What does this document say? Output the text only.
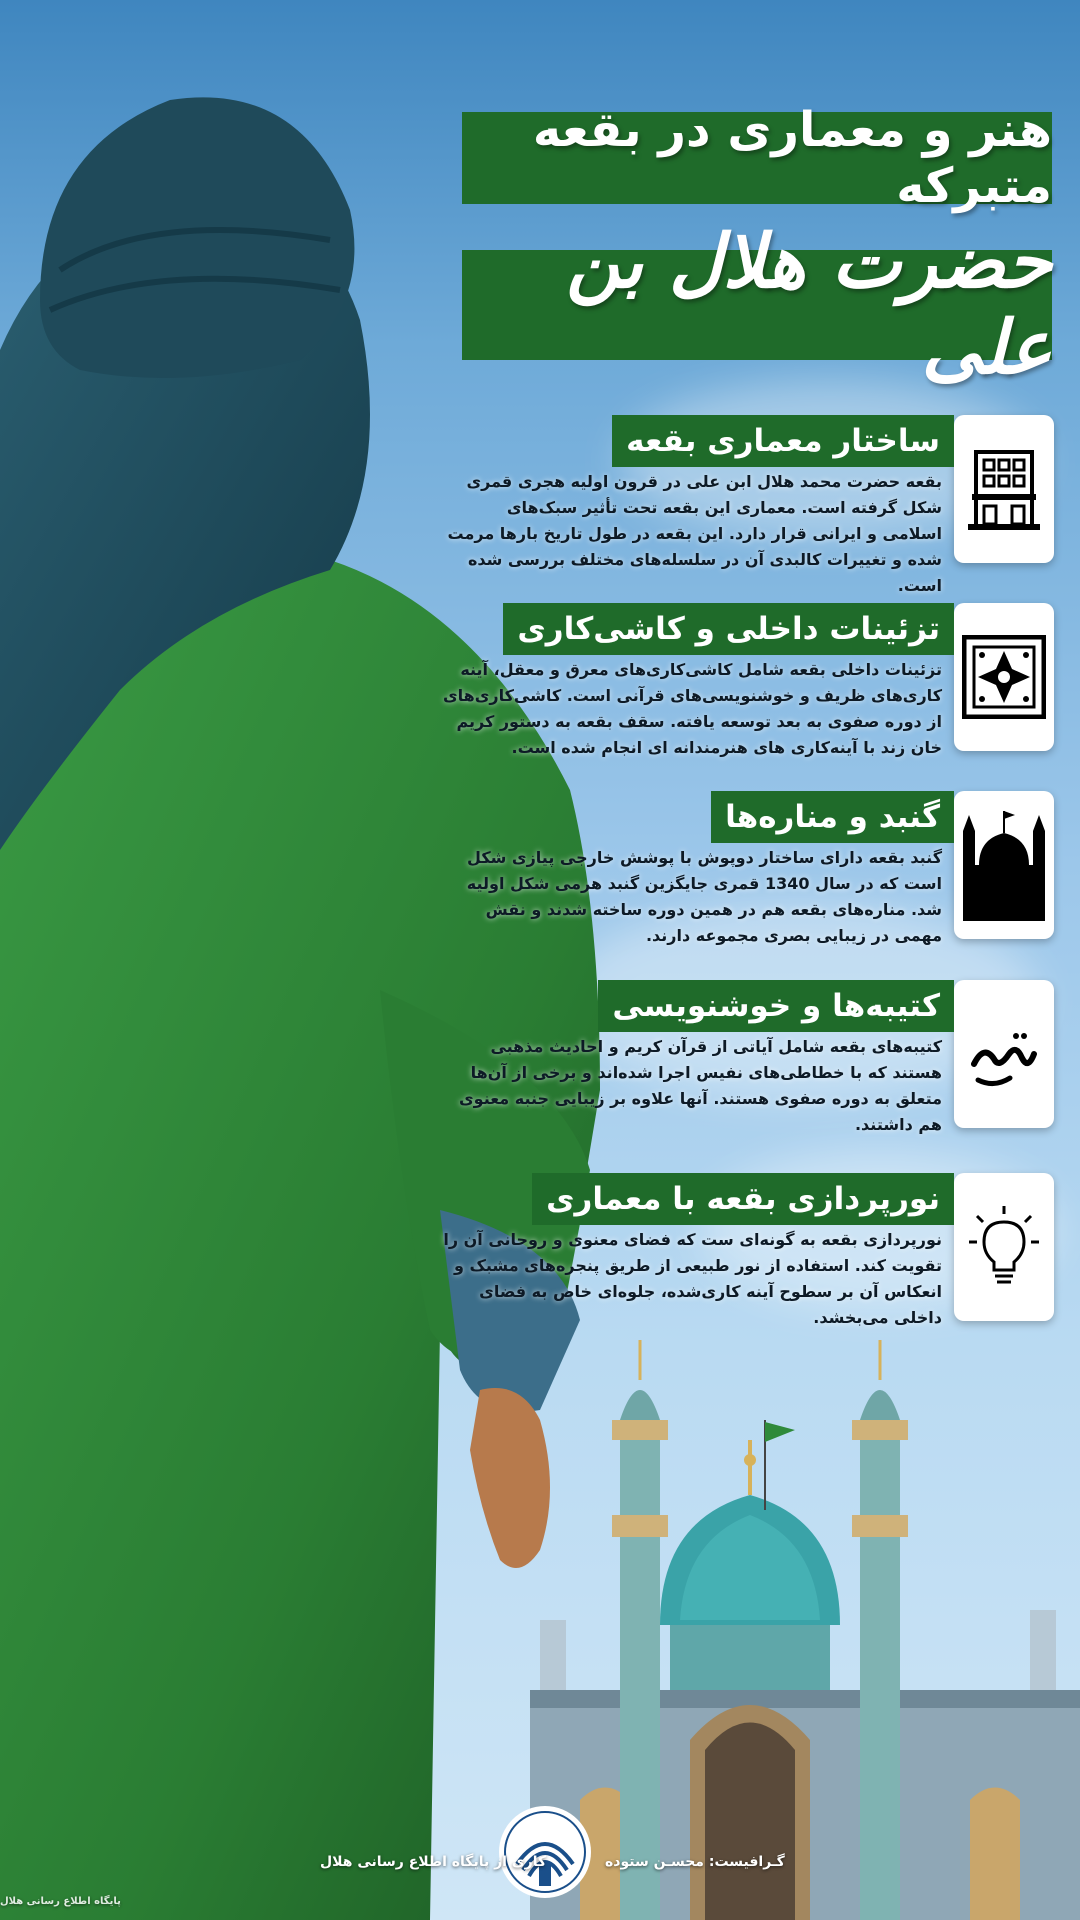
هنر و معماری در بقعه متبرکه
حضرت هلال بن علی
ساختار معماری بقعه
بقعه حضرت محمد هلال ابن علی در قرون اولیه هجری قمری شکل گرفته است. معماری این بقعه تحت تأثیر سبک‌های اسلامی و ایرانی قرار دارد. این بقعه در طول تاریخ بارها مرمت شده و تغییرات کالبدی آن در سلسله‌های مختلف بررسی شده است.
تزئینات داخلی و کاشی‌کاری
تزئینات داخلی بقعه شامل کاشی‌کاری‌های معرق و معقل، آینه کاری‌های ظریف و خوشنویسی‌های قرآنی است. کاشی‌کاری‌های از دوره صفوی به بعد توسعه یافته. سقف بقعه به دستور کریم خان زند با آینه‌کاری های هنرمندانه ای انجام شده است.
گنبد و مناره‌ها
گنبد بقعه دارای ساختار دوپوش با پوشش خارجی پیازی شکل است که در سال 1340 قمری جایگزین گنبد هرمی شکل اولیه شد. مناره‌های بقعه هم در همین دوره ساخته شدند و نقش مهمی در زیبایی بصری مجموعه دارند.
کتیبه‌ها و خوشنویسی
کتیبه‌های بقعه شامل آیاتی از قرآن کریم و احادیث مذهبی هستند که با خطاطی‌های نفیس اجرا شده‌اند و برخی از آن‌ها متعلق به دوره صفوی هستند. آنها علاوه بر زیبایی جنبه معنوی هم داشتند.
نورپردازی بقعه با معماری
نورپردازی بقعه به گونه‌ای ست که فضای معنوی و روحانی آن را تقویت کند. استفاده از نور طبیعی از طریق پنجره‌های مشبک و انعکاس آن بر سطوح آینه کاری‌شده، جلوه‌ای خاص به فضای داخلی می‌بخشد.
گـرافیست: محسـن ستوده
کاری از پایگاه اطلاع رسانی هلال
پایگاه اطلاع رسانی هلال
